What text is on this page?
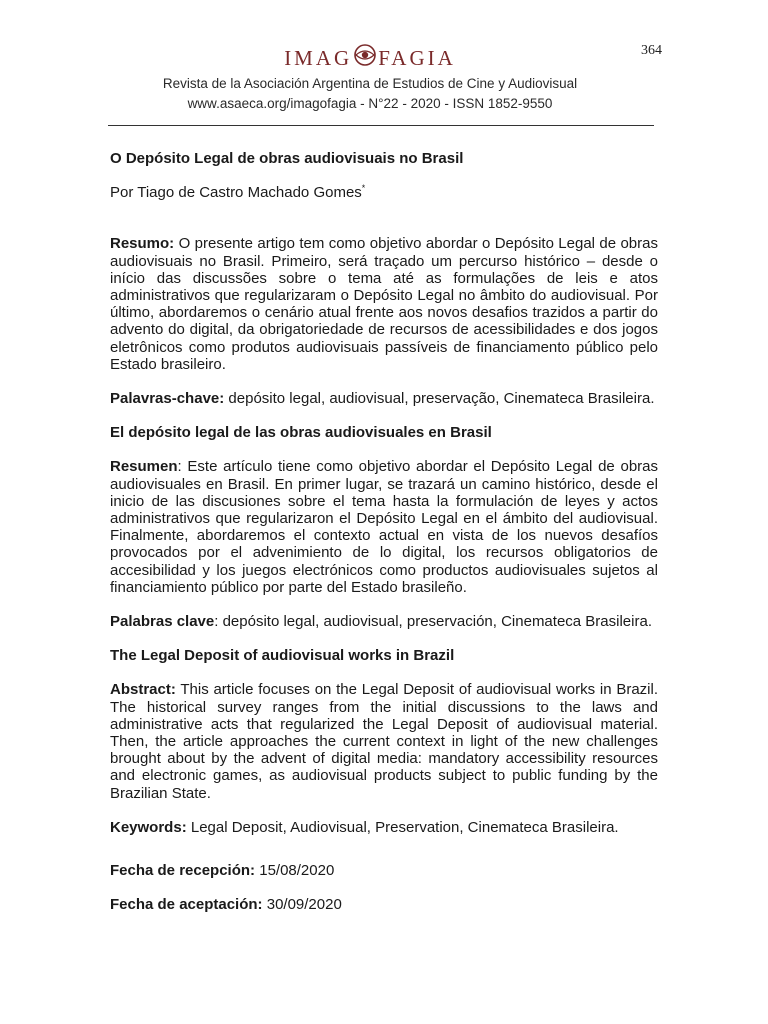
364
IMAG FAGIA
Revista de la Asociación Argentina de Estudios de Cine y Audiovisual
www.asaeca.org/imagofagia - N°22 - 2020 - ISSN 1852-9550

O Depósito Legal de obras audiovisuais no Brasil

Por Tiago de Castro Machado Gomes*

Resumo: O presente artigo tem como objetivo abordar o Depósito Legal de obras audiovisuais no Brasil. Primeiro, será traçado um percurso histórico – desde o início das discussões sobre o tema até as formulações de leis e atos administrativos que regularizaram o Depósito Legal no âmbito do audiovisual. Por último, abordaremos o cenário atual frente aos novos desafios trazidos a partir do advento do digital, da obrigatoriedade de recursos de acessibilidades e dos jogos eletrônicos como produtos audiovisuais passíveis de financiamento público pelo Estado brasileiro.

Palavras-chave: depósito legal, audiovisual, preservação, Cinemateca Brasileira.

El depósito legal de las obras audiovisuales en Brasil

Resumen: Este artículo tiene como objetivo abordar el Depósito Legal de obras audiovisuales en Brasil. En primer lugar, se trazará un camino histórico, desde el inicio de las discusiones sobre el tema hasta la formulación de leyes y actos administrativos que regularizaron el Depósito Legal en el ámbito del audiovisual. Finalmente, abordaremos el contexto actual en vista de los nuevos desafíos provocados por el advenimiento de lo digital, los recursos obligatorios de accesibilidad y los juegos electrónicos como productos audiovisuales sujetos al financiamiento público por parte del Estado brasileño.

Palabras clave: depósito legal, audiovisual, preservación, Cinemateca Brasileira.

The Legal Deposit of audiovisual works in Brazil

Abstract: This article focuses on the Legal Deposit of audiovisual works in Brazil. The historical survey ranges from the initial discussions to the laws and administrative acts that regularized the Legal Deposit of audiovisual material. Then, the article approaches the current context in light of the new challenges brought about by the advent of digital media: mandatory accessibility resources and electronic games, as audiovisual products subject to public funding by the Brazilian State.

Keywords: Legal Deposit, Audiovisual, Preservation, Cinemateca Brasileira.

Fecha de recepción: 15/08/2020

Fecha de aceptación: 30/09/2020
